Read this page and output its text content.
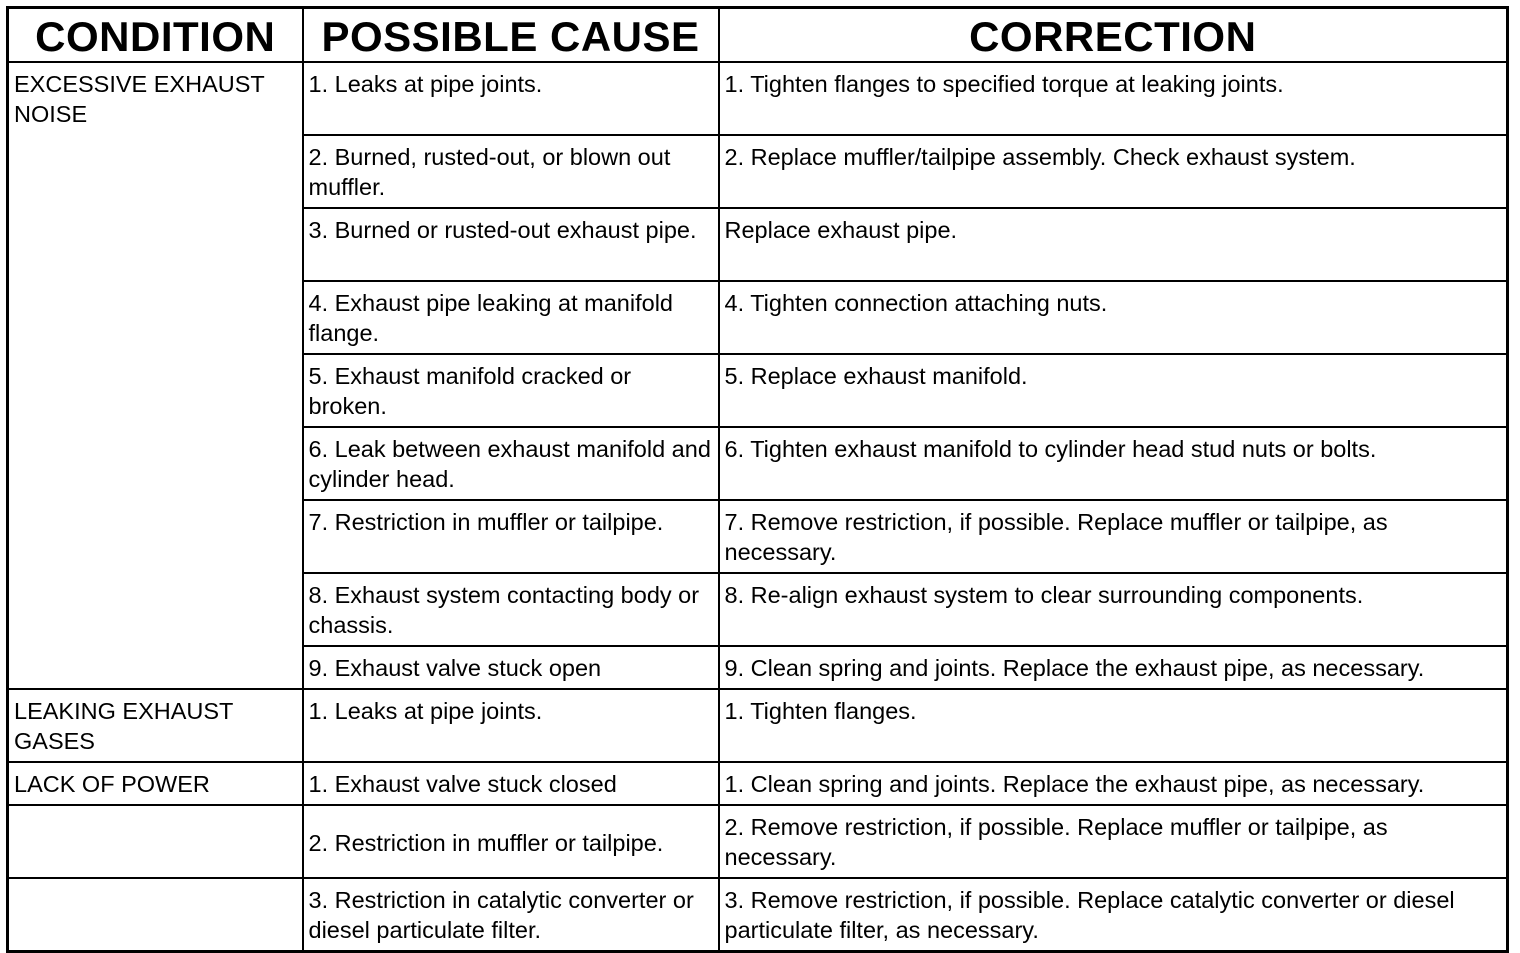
CONDITION	POSSIBLE CAUSE	CORRECTION
EXCESSIVE EXHAUST NOISE	1. Leaks at pipe joints.	1. Tighten flanges to specified torque at leaking joints.
	2. Burned, rusted-out, or blown out muffler.	2. Replace muffler/tailpipe assembly. Check exhaust system.
	3. Burned or rusted-out exhaust pipe.	Replace exhaust pipe.
	4. Exhaust pipe leaking at manifold flange.	4. Tighten connection attaching nuts.
	5. Exhaust manifold cracked or broken.	5. Replace exhaust manifold.
	6. Leak between exhaust manifold and cylinder head.	6. Tighten exhaust manifold to cylinder head stud nuts or bolts.
	7. Restriction in muffler or tailpipe.	7. Remove restriction, if possible. Replace muffler or tailpipe, as necessary.
	8. Exhaust system contacting body or chassis.	8. Re-align exhaust system to clear surrounding components.
	9. Exhaust valve stuck open	9. Clean spring and joints. Replace the exhaust pipe, as necessary.
LEAKING EXHAUST GASES	1. Leaks at pipe joints.	1. Tighten flanges.
LACK OF POWER	1. Exhaust valve stuck closed	1. Clean spring and joints. Replace the exhaust pipe, as necessary.
	2. Restriction in muffler or tailpipe.	2. Remove restriction, if possible. Replace muffler or tailpipe, as necessary.
	3. Restriction in catalytic converter or diesel particulate filter.	3. Remove restriction, if possible. Replace catalytic converter or diesel particulate filter, as necessary.
